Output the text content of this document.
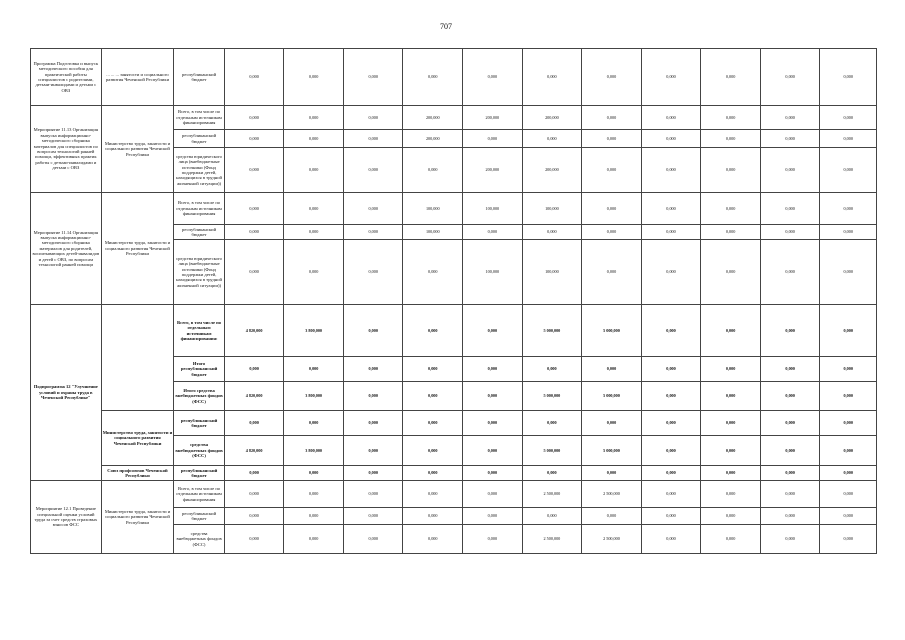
707
Программа Подготовка и выпуск методического пособия для практической работы специалистов с родителями, детьми-инвалидами и детьми с ОВЗ	... ... ... занятости и социального развития Чеченской Республики	республиканский бюджет	0,000	0,000	0,000	0,000	0,000	0,000	0,000	0,000	0,000	0,000	0,000
Мероприятие 11.13 Организация выпуска информационно-методического сборника материалов для специалистов по вопросам технологий ранней помощи, эффективных практик работы с детьми-инвалидами и детьми с ОВЗ	Министерство труда, занятости и социального развития Чеченской Республики	Всего, в том числе по отдельным источникам финансирования	0,000	0,000	0,000	200,000	200,000	200,000	0,000	0,000	0,000	0,000	0,000
		республиканский бюджет	0,000	0,000	0,000	200,000	0,000	0,000	0,000	0,000	0,000	0,000	0,000
		средства юридического лица (внебюджетные источники (Фонд поддержки детей, находящихся в трудной жизненной ситуации))	0,000	0,000	0,000	0,000	200,000	200,000	0,000	0,000	0,000	0,000	0,000
Мероприятие 11.14 Организация выпуска информационно-методического сборника материалов для родителей, воспитывающих детей-инвалидов и детей с ОВЗ, по вопросам технологий ранней помощи	Министерство труда, занятости и социального развития Чеченской Республики	Всего, в том числе по отдельным источникам финансирования	0,000	0,000	0,000	100,000	100,000	100,000	0,000	0,000	0,000	0,000	0,000
		республиканский бюджет	0,000	0,000	0,000	100,000	0,000	0,000	0,000	0,000	0,000	0,000	0,000
		средства юридического лица (внебюджетные источники (Фонд поддержки детей, находящихся в трудной жизненной ситуации))	0,000	0,000	0,000	0,000	100,000	100,000	0,000	0,000	0,000	0,000	0,000
Подпрограмма 12 "Улучшение условий и охраны труда в Чеченской Республике"		Всего, в том числе по отдельным источникам финансирования:	4 820,000	3 800,000	0,000	0,000	0,000	5 000,000	5 000,000	0,000	0,000	0,000	0,000
		Итого республиканский бюджет	0,000	0,000	0,000	0,000	0,000	0,000	0,000	0,000	0,000	0,000	0,000
		Итого средства внебюджетных фондов (ФСС)	4 820,000	3 800,000	0,000	0,000	0,000	5 000,000	5 000,000	0,000	0,000	0,000	0,000
	Министерство труда, занятости и социального развития Чеченской Республики	республиканский бюджет	0,000	0,000	0,000	0,000	0,000	0,000	0,000	0,000	0,000	0,000	0,000
		средства внебюджетных фондов (ФСС)	4 820,000	3 800,000	0,000	0,000	0,000	5 000,000	5 000,000	0,000	0,000	0,000	0,000
	Союз профсоюзов Чеченской Республики	республиканский бюджет	0,000	0,000	0,000	0,000	0,000	0,000	0,000	0,000	0,000	0,000	0,000
Мероприятие 12.1 Проведение специальной оценки условий труда за счет средств страховых взносов ФСС	Министерство труда, занятости и социального развития Чеченской Республики	Всего, в том числе по отдельным источникам финансирования	0,000	0,000	0,000	0,000	0,000	2 500,000	2 500,000	0,000	0,000	0,000	0,000
		республиканский бюджет	0,000	0,000	0,000	0,000	0,000	0,000	0,000	0,000	0,000	0,000	0,000
		средства внебюджетных фондов (ФСС)	0,000	0,000	0,000	0,000	0,000	2 500,000	2 500,000	0,000	0,000	0,000	0,000
